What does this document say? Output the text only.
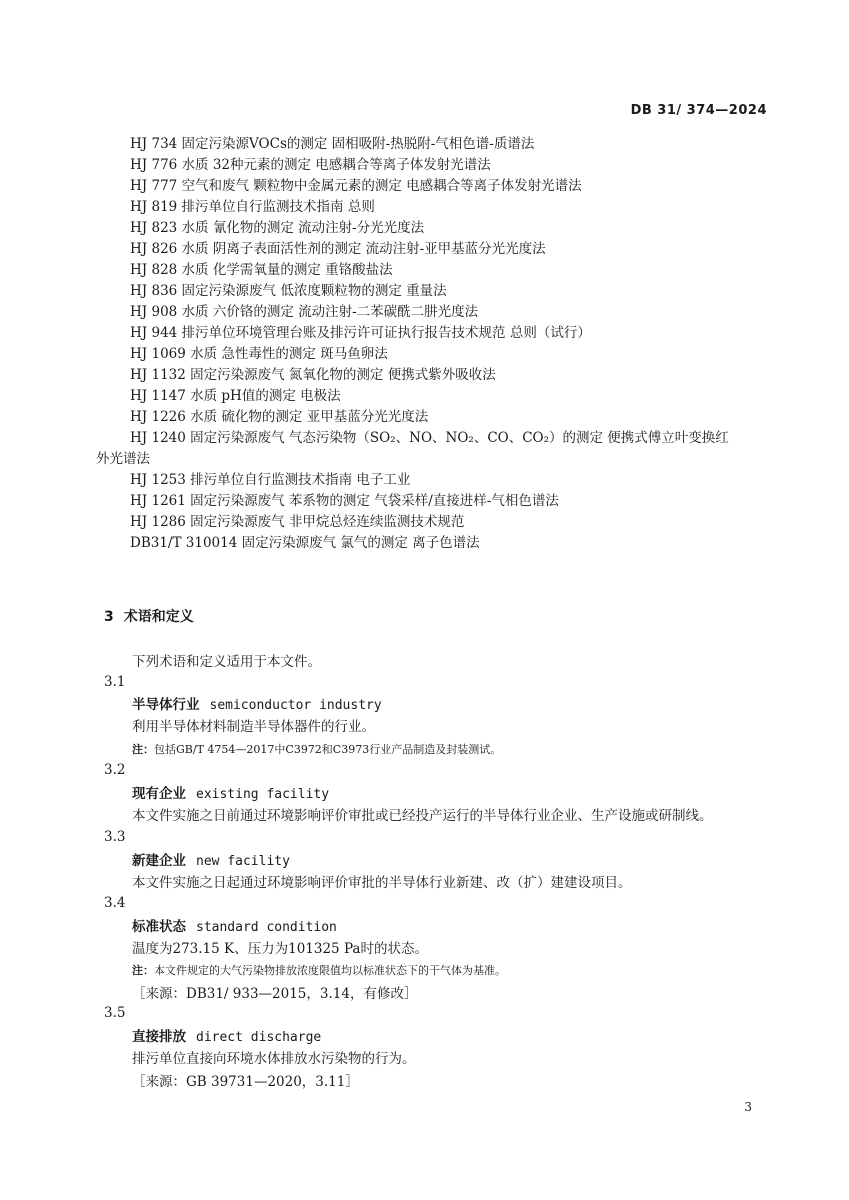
DB 31/ 374—2024
HJ 734 固定污染源VOCs的测定 固相吸附-热脱附-气相色谱-质谱法
HJ 776 水质 32种元素的测定 电感耦合等离子体发射光谱法
HJ 777 空气和废气 颗粒物中金属元素的测定 电感耦合等离子体发射光谱法
HJ 819 排污单位自行监测技术指南 总则
HJ 823 水质 氰化物的测定 流动注射-分光光度法
HJ 826 水质 阴离子表面活性剂的测定 流动注射-亚甲基蓝分光光度法
HJ 828 水质 化学需氧量的测定 重铬酸盐法
HJ 836 固定污染源废气 低浓度颗粒物的测定 重量法
HJ 908 水质 六价铬的测定 流动注射-二苯碳酰二肼光度法
HJ 944 排污单位环境管理台账及排污许可证执行报告技术规范 总则（试行）
HJ 1069 水质 急性毒性的测定 斑马鱼卵法
HJ 1132 固定污染源废气 氮氧化物的测定 便携式紫外吸收法
HJ 1147 水质 pH值的测定 电极法
HJ 1226 水质 硫化物的测定 亚甲基蓝分光光度法
HJ 1240 固定污染源废气 气态污染物（SO₂、NO、NO₂、CO、CO₂）的测定 便携式傅立叶变换红
外光谱法
HJ 1253 排污单位自行监测技术指南 电子工业
HJ 1261 固定污染源废气 苯系物的测定 气袋采样/直接进样-气相色谱法
HJ 1286 固定污染源废气 非甲烷总烃连续监测技术规范
DB31/T 310014 固定污染源废气 氯气的测定 离子色谱法
3 术语和定义
下列术语和定义适用于本文件。
3.1
半导体行业 semiconductor industry
利用半导体材料制造半导体器件的行业。
注：包括GB/T 4754—2017中C3972和C3973行业产品制造及封装测试。
3.2
现有企业 existing facility
本文件实施之日前通过环境影响评价审批或已经投产运行的半导体行业企业、生产设施或研制线。
3.3
新建企业 new facility
本文件实施之日起通过环境影响评价审批的半导体行业新建、改（扩）建建设项目。
3.4
标准状态 standard condition
温度为273.15 K、压力为101325 Pa时的状态。
注：本文件规定的大气污染物排放浓度限值均以标准状态下的干气体为基准。
［来源：DB31/ 933—2015，3.14，有修改］
3.5
直接排放 direct discharge
排污单位直接向环境水体排放水污染物的行为。
［来源：GB 39731—2020，3.11］
3
